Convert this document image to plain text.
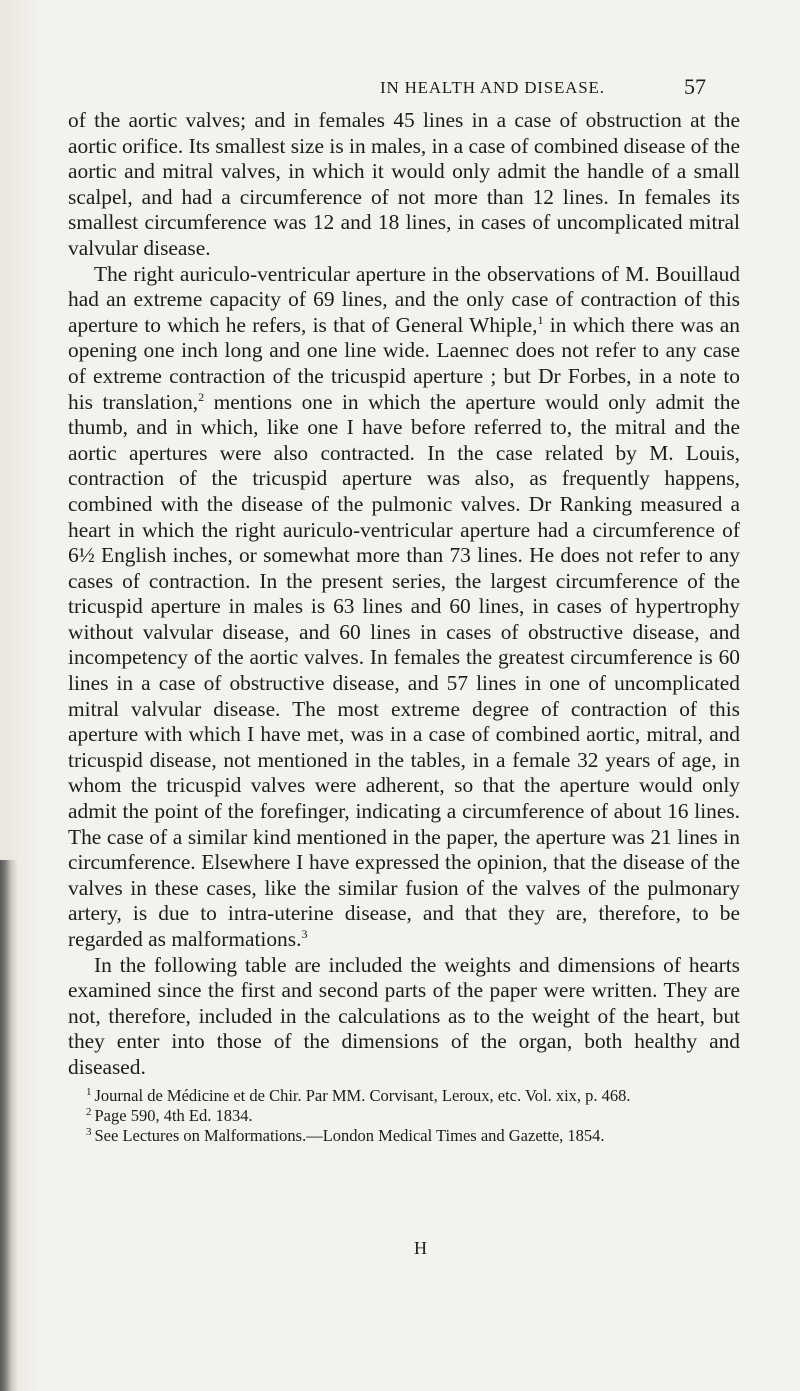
IN HEALTH AND DISEASE.	57

of the aortic valves; and in females 45 lines in a case of obstruction at the aortic orifice. Its smallest size is in males, in a case of combined disease of the aortic and mitral valves, in which it would only admit the handle of a small scalpel, and had a circumference of not more than 12 lines. In females its smallest circumference was 12 and 18 lines, in cases of uncomplicated mitral valvular disease.

The right auriculo-ventricular aperture in the observations of M. Bouillaud had an extreme capacity of 69 lines, and the only case of contraction of this aperture to which he refers, is that of General Whiple,$^1$ in which there was an opening one inch long and one line wide. Laennec does not refer to any case of extreme contraction of the tricuspid aperture ; but Dr Forbes, in a note to his translation,$^2$ mentions one in which the aperture would only admit the thumb, and in which, like one I have before referred to, the mitral and the aortic apertures were also contracted. In the case related by M. Louis, contraction of the tricuspid aperture was also, as frequently happens, combined with the disease of the pulmonic valves. Dr Ranking measured a heart in which the right auriculo-ventricular aperture had a circumference of 6½ English inches, or somewhat more than 73 lines. He does not refer to any cases of contraction. In the present series, the largest circumference of the tricuspid aperture in males is 63 lines and 60 lines, in cases of hypertrophy without valvular disease, and 60 lines in cases of obstructive disease, and incompetency of the aortic valves. In females the greatest circumference is 60 lines in a case of obstructive disease, and 57 lines in one of uncomplicated mitral valvular disease. The most extreme degree of contraction of this aperture with which I have met, was in a case of combined aortic, mitral, and tricuspid disease, not mentioned in the tables, in a female 32 years of age, in whom the tricuspid valves were adherent, so that the aperture would only admit the point of the forefinger, indicating a circumference of about 16 lines. The case of a similar kind mentioned in the paper, the aperture was 21 lines in circumference. Elsewhere I have expressed the opinion, that the disease of the valves in these cases, like the similar fusion of the valves of the pulmonary artery, is due to intra-uterine disease, and that they are, therefore, to be regarded as malformations.$^3$

In the following table are included the weights and dimensions of hearts examined since the first and second parts of the paper were written. They are not, therefore, included in the calculations as to the weight of the heart, but they enter into those of the dimensions of the organ, both healthy and diseased.

$^1$ Journal de Médicine et de Chir. Par MM. Corvisant, Leroux, etc. Vol. xix, p. 468.

$^2$ Page 590, 4th Ed. 1834.

$^3$ See Lectures on Malformations.—London Medical Times and Gazette, 1854.

H
